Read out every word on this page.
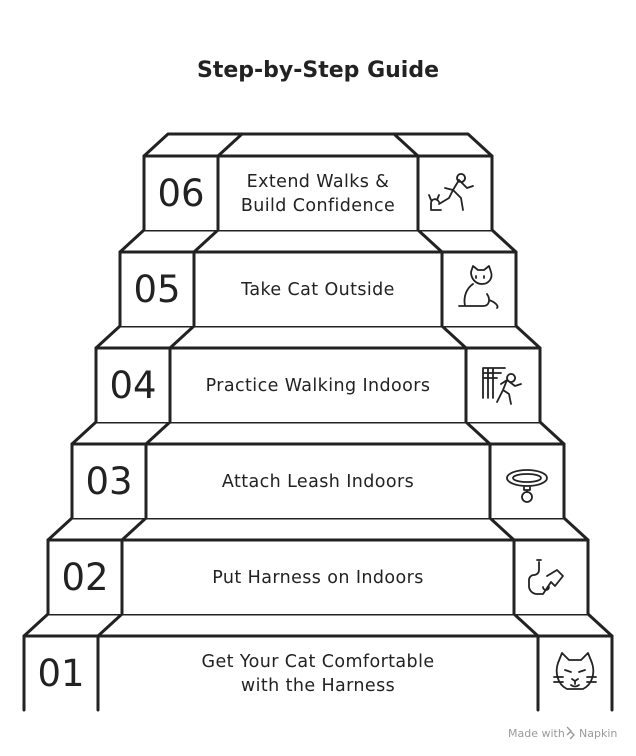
Step-by-Step Guide
01	Get Your Cat Comfortable
with the Harness
02	Put Harness on Indoors
03	Attach Leash Indoors
04	Practice Walking Indoors
05	Take Cat Outside
06 Extend Walks &
Build Confidence
Made with Napkin
